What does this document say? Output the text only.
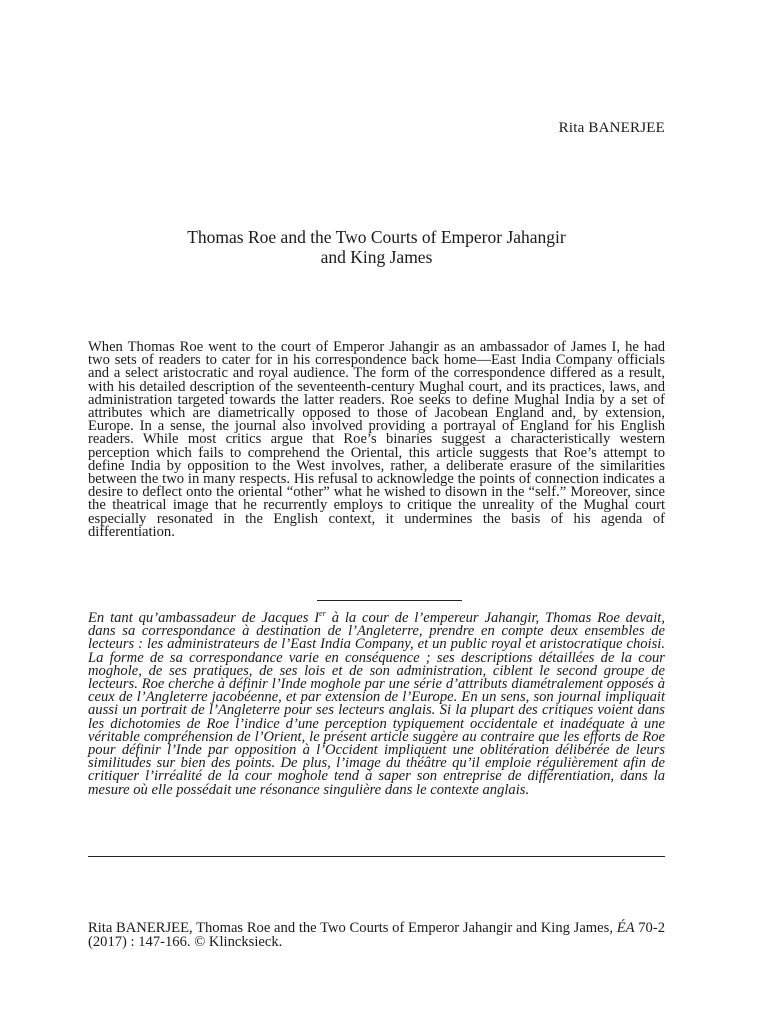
Rita BANERJEE
Thomas Roe and the Two Courts of Emperor Jahangir
and King James

When Thomas Roe went to the court of Emperor Jahangir as an ambassador of James I, he had two sets of readers to cater for in his correspondence back home—East India Company officials and a select aristocratic and royal audience. The form of the correspondence differed as a result, with his detailed description of the seventeenth-century Mughal court, and its practices, laws, and administration targeted towards the latter readers. Roe seeks to define Mughal India by a set of attributes which are diametrically opposed to those of Jacobean England and, by extension, Europe. In a sense, the journal also involved providing a portrayal of England for his English readers. While most critics argue that Roe’s binaries suggest a characteristically western perception which fails to comprehend the Oriental, this article suggests that Roe’s attempt to define India by opposition to the West involves, rather, a deliberate erasure of the similarities between the two in many respects. His refusal to acknowledge the points of connection indicates a desire to deflect onto the oriental “other” what he wished to disown in the “self.” Moreover, since the theatrical image that he recurrently employs to critique the unreality of the Mughal court especially resonated in the English context, it undermines the basis of his agenda of differentiation.

En tant qu’ambassadeur de Jacques Ier à la cour de l’empereur Jahangir, Thomas Roe devait, dans sa correspondance à destination de l’Angleterre, prendre en compte deux ensembles de lecteurs : les administrateurs de l’East India Company, et un public royal et aristocratique choisi. La forme de sa correspondance varie en conséquence ; ses descriptions détaillées de la cour moghole, de ses pratiques, de ses lois et de son administration, ciblent le second groupe de lecteurs. Roe cherche à définir l’Inde moghole par une série d’attributs diamétralement opposés à ceux de l’Angleterre jacobéenne, et par extension de l’Europe. En un sens, son journal impliquait aussi un portrait de l’Angleterre pour ses lecteurs anglais. Si la plupart des critiques voient dans les dichotomies de Roe l’indice d’une perception typiquement occidentale et inadéquate à une véritable compréhension de l’Orient, le présent article suggère au contraire que les efforts de Roe pour définir l’Inde par opposition à l’Occident impliquent une oblitération délibérée de leurs similitudes sur bien des points. De plus, l’image du théâtre qu’il emploie régulièrement afin de critiquer l’irréalité de la cour moghole tend à saper son entreprise de différentiation, dans la mesure où elle possédait une résonance singulière dans le contexte anglais.

Rita BANERJEE, Thomas Roe and the Two Courts of Emperor Jahangir and King James, ÉA 70-2 (2017) : 147-166. © Klincksieck.
